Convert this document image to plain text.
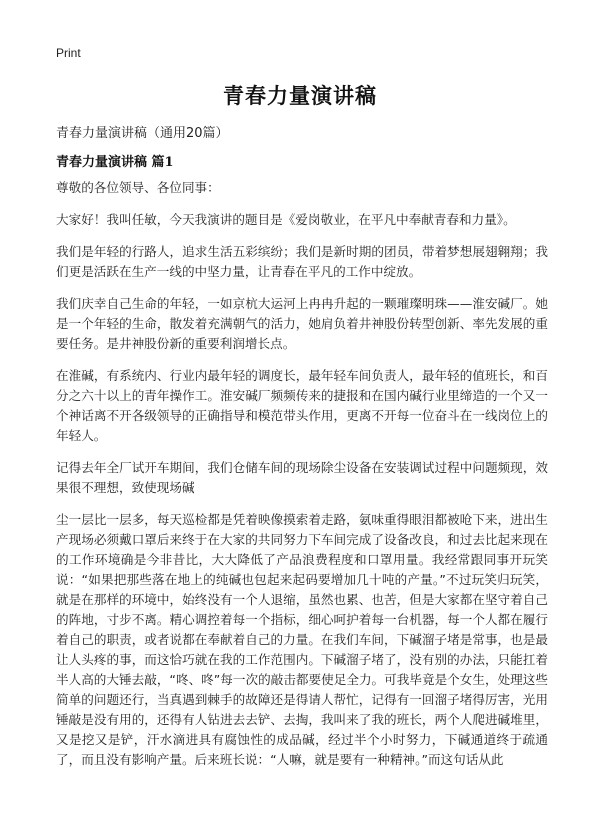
Print
青春力量演讲稿
青春力量演讲稿（通用20篇）
青春力量演讲稿 篇1

尊敬的各位领导、各位同事：

大家好！我叫任敏，今天我演讲的题目是《爱岗敬业，在平凡中奉献青春和力量》。

我们是年轻的行路人，追求生活五彩缤纷；我们是新时期的团员，带着梦想展翅翱翔；我们更是活跃在生产一线的中坚力量，让青春在平凡的工作中绽放。

我们庆幸自己生命的年轻，一如京杭大运河上冉冉升起的一颗璀璨明珠——淮安碱厂。她是一个年轻的生命，散发着充满朝气的活力，她肩负着井神股份转型创新、率先发展的重要任务。是井神股份新的重要利润增长点。

在淮碱，有系统内、行业内最年轻的调度长，最年轻车间负责人，最年轻的值班长，和百分之六十以上的青年操作工。淮安碱厂频频传来的捷报和在国内碱行业里缔造的一个又一个神话离不开各级领导的正确指导和模范带头作用，更离不开每一位奋斗在一线岗位上的年轻人。

记得去年全厂试开车期间，我们仓储车间的现场除尘设备在安装调试过程中问题频现，效果很不理想，致使现场碱

尘一层比一层多，每天巡检都是凭着映像摸索着走路，氨味重得眼泪都被呛下来，进出生产现场必须戴口罩后来终于在大家的共同努力下车间完成了设备改良，和过去比起来现在的工作环境确是今非昔比，大大降低了产品浪费程度和口罩用量。我经常跟同事开玩笑说：“如果把那些落在地上的纯碱也包起来起码要增加几十吨的产量。”不过玩笑归玩笑，就是在那样的环境中，始终没有一个人退缩，虽然也累、也苦，但是大家都在坚守着自己的阵地，寸步不离。精心调控着每一个指标，细心呵护着每一台机器，每一个人都在履行着自己的职责，或者说都在奉献着自己的力量。在我们车间，下碱溜子堵是常事，也是最让人头疼的事，而这恰巧就在我的工作范围内。下碱溜子堵了，没有别的办法，只能扛着半人高的大锤去敲，“咚、咚”每一次的敲击都要使足全力。可我毕竟是个女生，处理这些简单的问题还行，当真遇到棘手的故障还是得请人帮忙，记得有一回溜子堵得厉害，光用锤敲是没有用的，还得有人钻进去去铲、去掏，我叫来了我的班长，两个人爬进碱堆里，又是挖又是铲，汗水滴进具有腐蚀性的成品碱，经过半个小时努力，下碱通道终于疏通了，而且没有影响产量。后来班长说：“人嘛，就是要有一种精神。”而这句话从此
